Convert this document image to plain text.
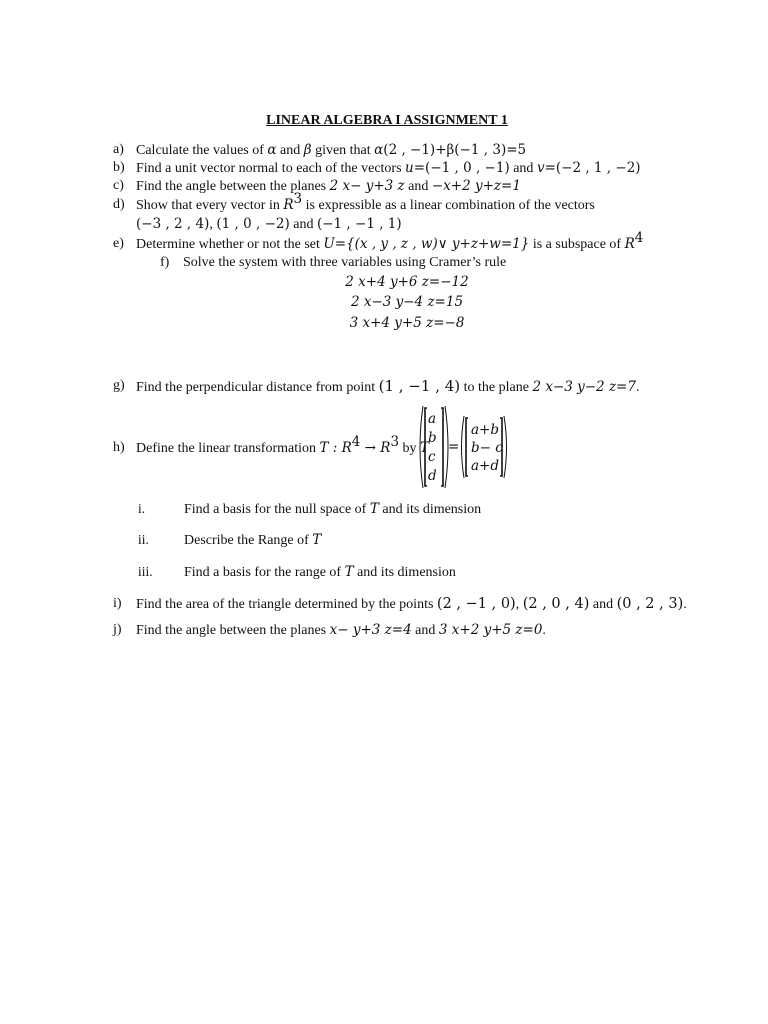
LINEAR ALGEBRA I ASSIGNMENT 1
a) Calculate the values of α and β given that α(2 , −1)+β(−1 , 3)=5
b) Find a unit vector normal to each of the vectors u=(−1 , 0 , −1) and v=(−2 , 1 , −2)
c) Find the angle between the planes 2 x− y+3 z and −x+2 y+z=1
d) Show that every vector in $R^3$ is expressible as a linear combination of the vectors
(−3 , 2 , 4), (1 , 0 , −2) and (−1 , −1 , 1)
e) Determine whether or not the set U={(x , y , z , w)∨ y+z+w=1} is a subspace of $R^4$
f) Solve the system with three variables using Cramer’s rule
2 x+4 y+6 z=−12
2 x−3 y−4 z=15
3 x+4 y+5 z=−8
g) Find the perpendicular distance from point (1 , −1 , 4) to the plane 2 x−3 y−2 z=7.
h) Define the linear transformation T : $R^4 \to R^3$ by T
a
b
c
d
=
a+b
b− c
a+d
i.	Find a basis for the null space of T and its dimension
ii.	Describe the Range of T
iii. Find a basis for the range of T and its dimension
i) Find the area of the triangle determined by the points (2 , −1 , 0), (2 , 0 , 4) and (0 , 2 , 3).
j) Find the angle between the planes x− y+3 z=4 and 3 x+2 y+5 z=0.
